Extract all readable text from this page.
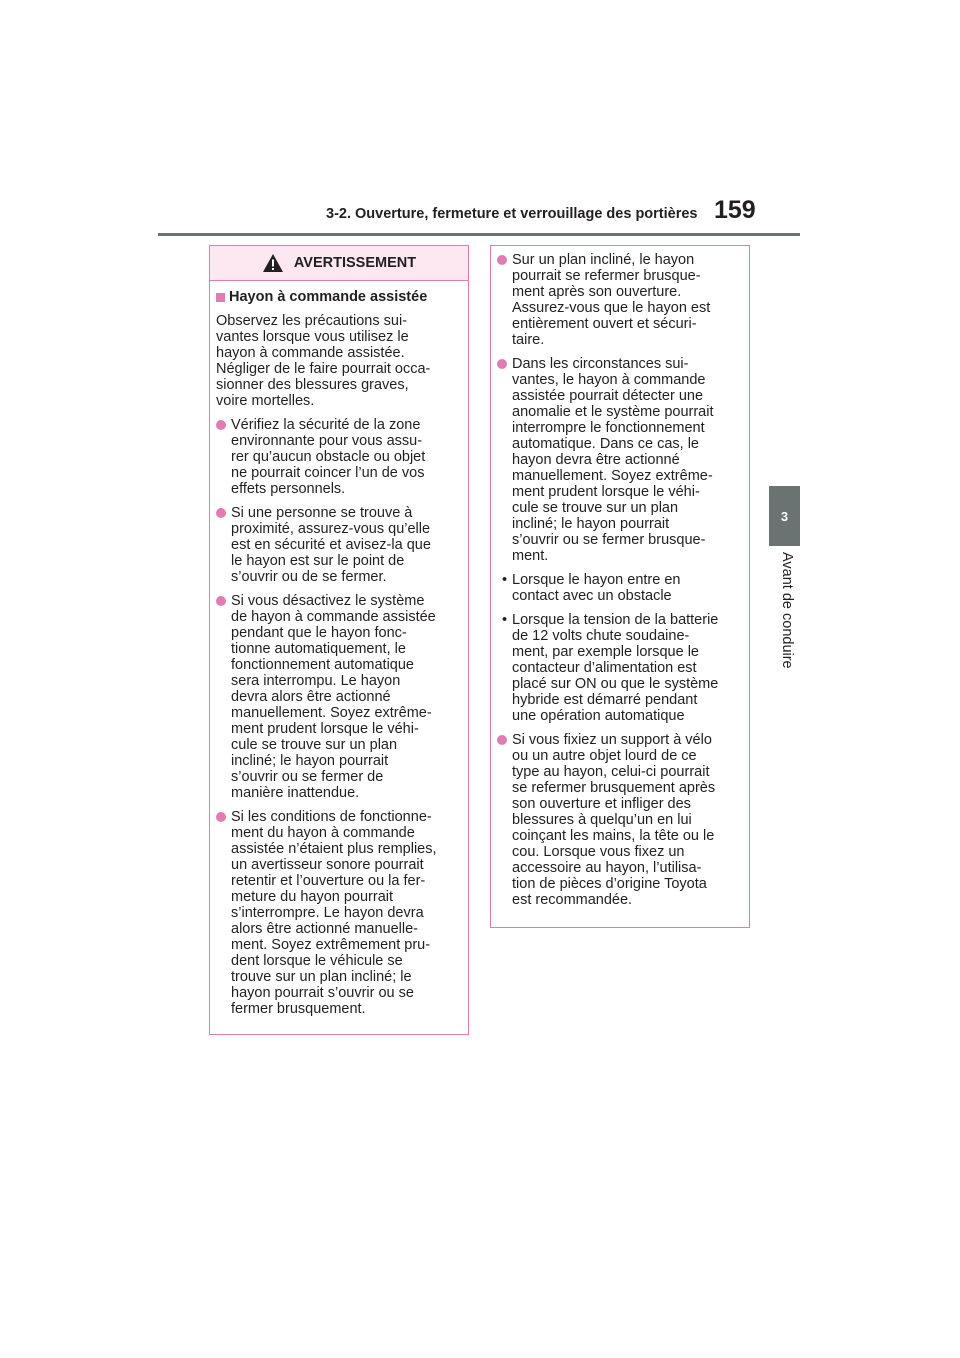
3-2. Ouverture, fermeture et verrouillage des portières 159
3
Avant de conduire
AVERTISSEMENT
Hayon à commande assistée
Observez les précautions sui-
vantes lorsque vous utilisez le
hayon à commande assistée.
Négliger de le faire pourrait occa-
sionner des blessures graves,
voire mortelles.
Vérifiez la sécurité de la zone
environnante pour vous assu-
rer qu’aucun obstacle ou objet
ne pourrait coincer l’un de vos
effets personnels.
Si une personne se trouve à
proximité, assurez-vous qu’elle
est en sécurité et avisez-la que
le hayon est sur le point de
s’ouvrir ou de se fermer.
Si vous désactivez le système
de hayon à commande assistée
pendant que le hayon fonc-
tionne automatiquement, le
fonctionnement automatique
sera interrompu. Le hayon
devra alors être actionné
manuellement. Soyez extrême-
ment prudent lorsque le véhi-
cule se trouve sur un plan
incliné; le hayon pourrait
s’ouvrir ou se fermer de
manière inattendue.
Si les conditions de fonctionne-
ment du hayon à commande
assistée n’étaient plus remplies,
un avertisseur sonore pourrait
retentir et l’ouverture ou la fer-
meture du hayon pourrait
s’interrompre. Le hayon devra
alors être actionné manuelle-
ment. Soyez extrêmement pru-
dent lorsque le véhicule se
trouve sur un plan incliné; le
hayon pourrait s’ouvrir ou se
fermer brusquement.
Sur un plan incliné, le hayon
pourrait se refermer brusque-
ment après son ouverture.
Assurez-vous que le hayon est
entièrement ouvert et sécuri-
taire.
Dans les circonstances sui-
vantes, le hayon à commande
assistée pourrait détecter une
anomalie et le système pourrait
interrompre le fonctionnement
automatique. Dans ce cas, le
hayon devra être actionné
manuellement. Soyez extrême-
ment prudent lorsque le véhi-
cule se trouve sur un plan
incliné; le hayon pourrait
s’ouvrir ou se fermer brusque-
ment.
• Lorsque le hayon entre en
contact avec un obstacle
• Lorsque la tension de la batterie
de 12 volts chute soudaine-
ment, par exemple lorsque le
contacteur d’alimentation est
placé sur ON ou que le système
hybride est démarré pendant
une opération automatique
Si vous fixiez un support à vélo
ou un autre objet lourd de ce
type au hayon, celui-ci pourrait
se refermer brusquement après
son ouverture et infliger des
blessures à quelqu’un en lui
coinçant les mains, la tête ou le
cou. Lorsque vous fixez un
accessoire au hayon, l’utilisa-
tion de pièces d’origine Toyota
est recommandée.
